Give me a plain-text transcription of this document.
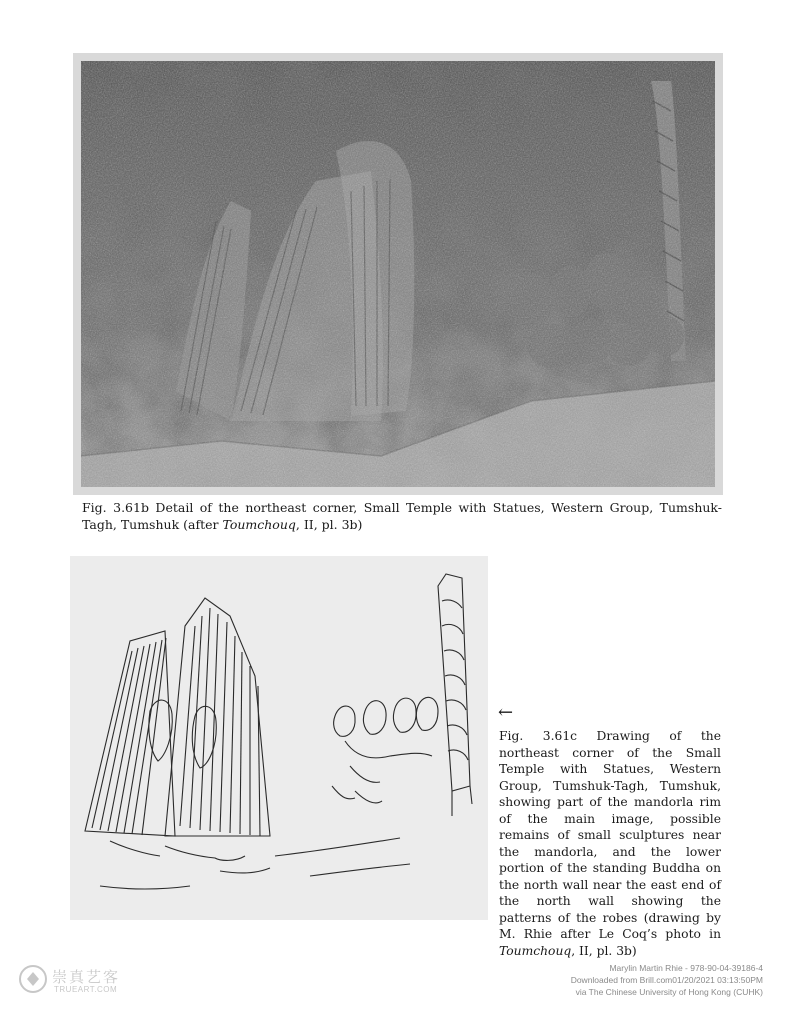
Fig. 3.61b Detail of the northeast corner, Small Temple with Statues, Western Group, Tumshuk-Tagh, Tumshuk (after Toumchouq, II, pl. 3b)
←
Fig. 3.61c Drawing of the northeast corner of the Small Temple with Statues, Western Group, Tumshuk-Tagh, Tumshuk, showing part of the mandorla rim of the main image, possible remains of small sculptures near the mandorla, and the lower portion of the standing Buddha on the north wall near the east end of the north wall showing the patterns of the robes (drawing by M. Rhie after Le Coq’s photo in Toumchouq, II, pl. 3b)
崇真艺客
TRUEART.COM
Marylin Martin Rhie - 978-90-04-39186-4
Downloaded from Brill.com01/20/2021 03:13:50PM
via The Chinese University of Hong Kong (CUHK)
